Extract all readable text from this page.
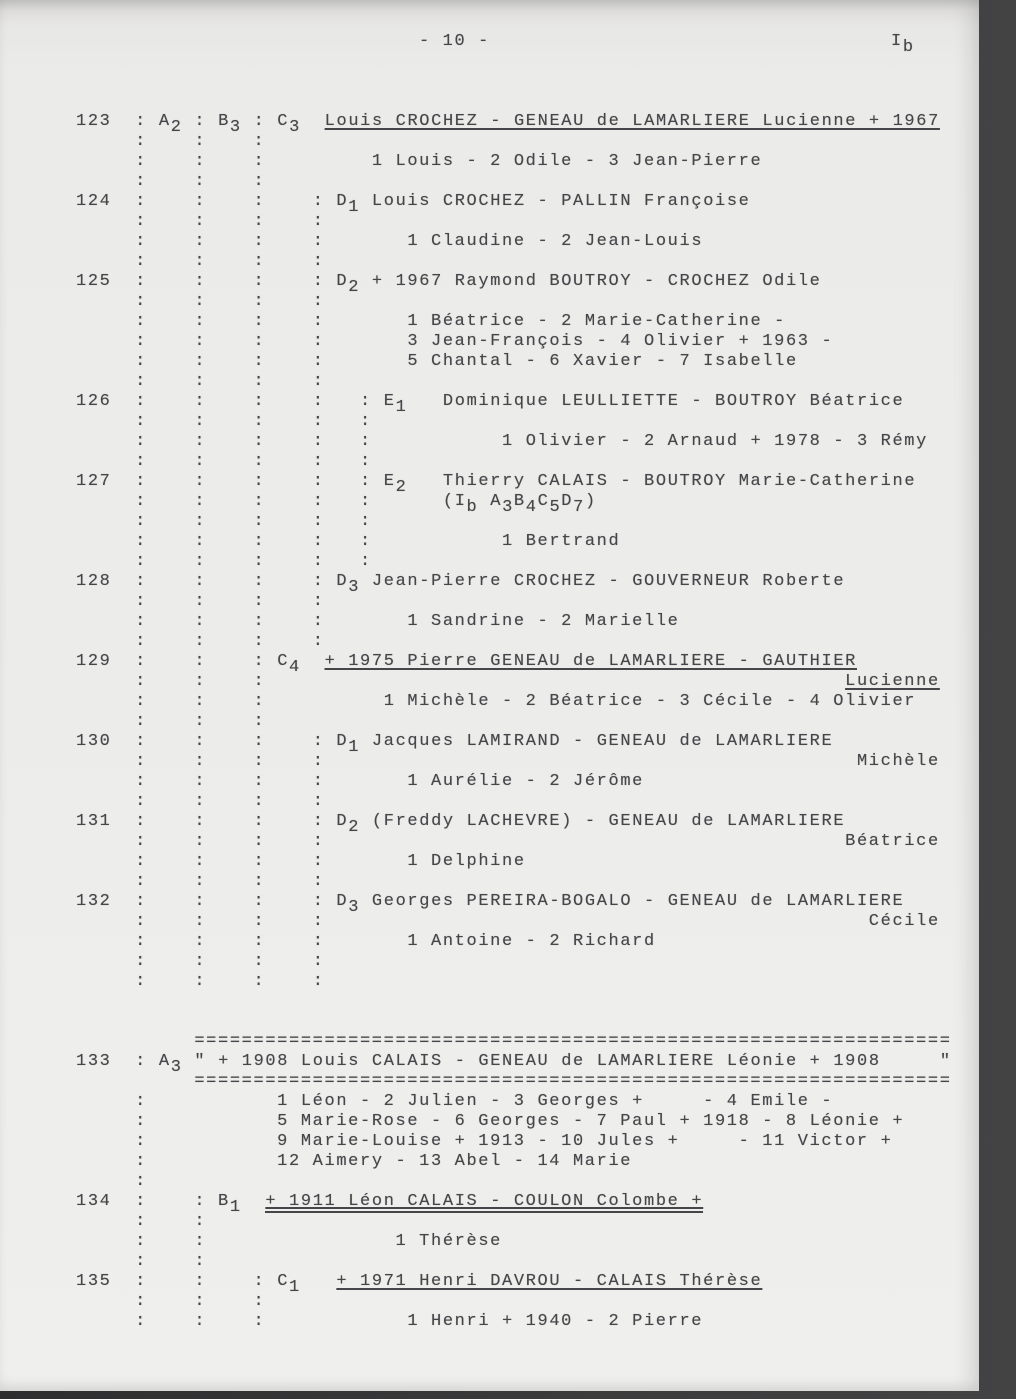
- 10 -	Ib
123 : A2 : B3 : C3 Louis CROCHEZ - GENEAU de LAMARLIERE Lucienne + 1967
:	:	:
:	:	:	1 Louis - 2 Odile - 3 Jean-Pierre
:	:	:
124 :	:	:	: D1 Louis CROCHEZ - PALLIN Françoise
:	:	:	:
:	:	:	:	1 Claudine - 2 Jean-Louis
:	:	:	:
125 :	:	:	: D2 + 1967 Raymond BOUTROY - CROCHEZ Odile
:	:	:	:
:	:	:	:	1 Béatrice - 2 Marie-Catherine -
:	:	:	:	3 Jean-François - 4 Olivier + 1963 -
:	:	:	:	5 Chantal - 6 Xavier - 7 Isabelle
:	:	:	:
126 :	:	:	: : E1 Dominique LEULLIETTE - BOUTROY Béatrice
:	:	:	: :
:	:	:	: :	1 Olivier - 2 Arnaud + 1978 - 3 Rémy
:	:	:	: :
127 :	:	:	: : E2 Thierry CALAIS - BOUTROY Marie-Catherine
:	:	:	: :	(Ib A3B4C5D7)
:	:	:	: :
:	:	:	: :	1 Bertrand
:	:	:	: :
128 :	:	:	: D3 Jean-Pierre CROCHEZ - GOUVERNEUR Roberte
:	:	:	:
:	:	:	:	1 Sandrine - 2 Marielle
:	:	:	:
129 :	:	: C4 + 1975 Pierre GENEAU de LAMARLIERE - GAUTHIER
:	:	:	Lucienne
:	:	:	1 Michèle - 2 Béatrice - 3 Cécile - 4 Olivier
:	:	:
130 :	:	:	: D1 Jacques LAMIRAND - GENEAU de LAMARLIERE
:	:	:	:	Michèle
:	:	:	:	1 Aurélie - 2 Jérôme
:	:	:	:
131 :	:	:	: D2 (Freddy LACHEVRE) - GENEAU de LAMARLIERE
:	:	:	:	Béatrice
:	:	:	:	1 Delphine
:	:	:	:
132 :	:	:	: D3 Georges PEREIRA-BOGALO - GENEAU de LAMARLIERE
:	:	:	:	Cécile
:	:	:	:	1 Antoine - 2 Richard
:	:	:	:
:	:	:	:

================================================================
133 : A3 " + 1908 Louis CALAIS - GENEAU de LAMARLIERE Léonie + 1908	"
================================================================
:	1 Léon - 2 Julien - 3 Georges +     - 4 Emile -
:	5 Marie-Rose - 6 Georges - 7 Paul + 1918 - 8 Léonie +
:	9 Marie-Louise + 1913 - 10 Jules +     - 11 Victor +
:	12 Aimery - 13 Abel - 14 Marie
:
134 :	: B1 + 1911 Léon CALAIS - COULON Colombe +
:	:
:	:	1 Thérèse
:	:
135 :	:	: C1 + 1971 Henri DAVROU - CALAIS Thérèse
:	:	:
:	:	:	1 Henri + 1940 - 2 Pierre
